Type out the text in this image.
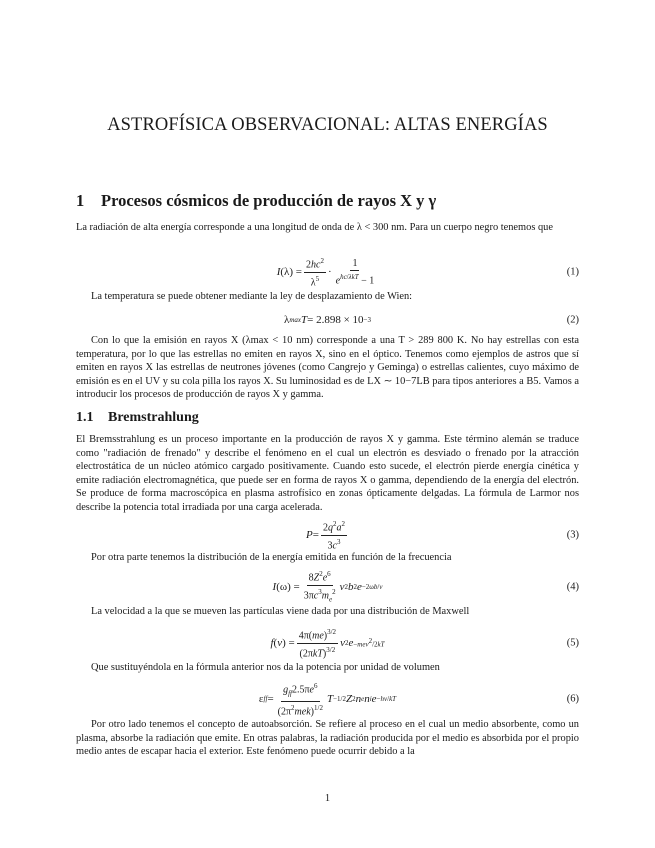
ASTROFÍSICA OBSERVACIONAL: ALTAS ENERGÍAS
1 Procesos cósmicos de producción de rayos X y γ
La radiación de alta energía corresponde a una longitud de onda de λ < 300 nm. Para un cuerpo negro tenemos que
I $(\lambda) = \frac{2hc^2}{\lambda^5} \cdot \frac{1}{e^{hc/\lambda kT} - 1}$	(1)
La temperatura se puede obtener mediante la ley de desplazamiento de Wien:
λ max T = 2.898 × 10 −3	(2)
Con lo que la emisión en rayos X (λmax < 10 nm) corresponde a una T > 289 800 K. No hay estrellas con esta temperatura, por lo que las estrellas no emiten en rayos X, sino en el óptico. Tenemos como ejemplos de astros que sí emiten en rayos X las estrellas de neutrones jóvenes (como Cangrejo y Geminga) o estrellas calientes, cuyo máximo de emisión es en el UV y su cola pilla los rayos X. Su luminosidad es de LX ∼ 10−7LB para tipos anteriores a B5. Vamos a introducir los procesos de producción de rayos X y gamma.
1.1 Bremstrahlung
El Bremsstrahlung es un proceso importante en la producción de rayos X y gamma. Este término alemán se traduce como "radiación de frenado" y describe el fenómeno en el cual un electrón es desviado o frenado por la atracción electrostática de un núcleo atómico cargado positivamente. Cuando esto sucede, el electrón pierde energía cinética y emite radiación electromagnética, que puede ser en forma de rayos X o gamma, dependiendo de la energía del electrón. Se produce de forma macroscópica en plasma astrofísico en zonas ópticamente delgadas. La fórmula de Larmor nos describe la potencia total irradiada por una carga acelerada.
$P = \frac{2q^2a^2}{3c^3}$	(3)
Por otra parte tenemos la distribución de la energía emitida en función de la frecuencia
I $(\omega) = \frac{8Z^2e^6}{3\pi c^3m_e^2}$ v 2 b 2 e −2ωb/v	(4)
La velocidad a la que se mueven las partículas viene dada por una distribución de Maxwell
f ( v ) = $\frac{4\pi(me)^{3/2}}{(2\pi kT)^{3/2}}$ v 2 e −mev$^2$/2kT	(5)
Que sustituyéndola en la fórmula anterior nos da la potencia por unidad de volumen
ε ff = $\frac{g_{ff}2.5\pi e^6}{(2\pi^2mek)^{1/2}}$ T −1/2 Z 2 n e n i e −hν/kT	(6)
Por otro lado tenemos el concepto de autoabsorción. Se refiere al proceso en el cual un medio absorbente, como un plasma, absorbe la radiación que emite. En otras palabras, la radiación producida por el medio es absorbida por el propio medio antes de escapar hacia el exterior. Este fenómeno puede ocurrir debido a la
1
